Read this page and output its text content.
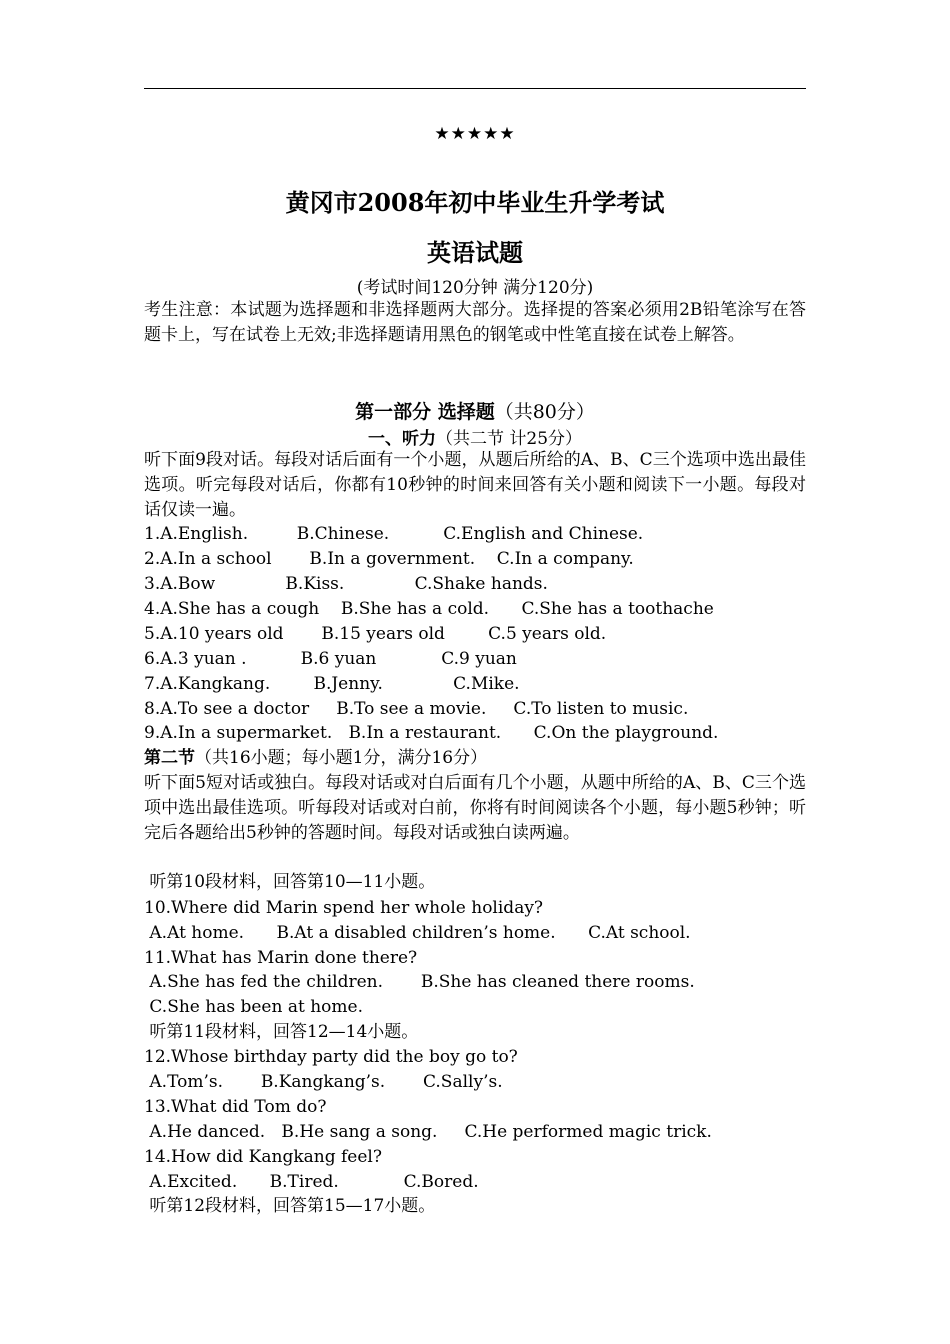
★★★★★
黄冈市2008年初中毕业生升学考试
英语试题
(考试时间120分钟 满分120分)
考生注意：本试题为选择题和非选择题两大部分。选择提的答案必须用2B铅笔涂写在答题卡上，写在试卷上无效;非选择题请用黑色的钢笔或中性笔直接在试卷上解答。
第一部分 选择题（共80分）
一、听力（共二节 计25分）
听下面9段对话。每段对话后面有一个小题，从题后所给的A、B、C三个选项中选出最佳选项。听完每段对话后，你都有10秒钟的时间来回答有关小题和阅读下一小题。每段对话仅读一遍。
1.A.English.         B.Chinese.          C.English and Chinese.
2.A.In a school       B.In a government.    C.In a company.
3.A.Bow             B.Kiss.             C.Shake hands.
4.A.She has a cough    B.She has a cold.      C.She has a toothache
5.A.10 years old       B.15 years old        C.5 years old.
6.A.3 yuan .          B.6 yuan            C.9 yuan
7.A.Kangkang.        B.Jenny.             C.Mike.
8.A.To see a doctor     B.To see a movie.     C.To listen to music.
9.A.In a supermarket.   B.In a restaurant.      C.On the playground.
第二节（共16小题；每小题1分，满分16分）
听下面5短对话或独白。每段对话或对白后面有几个小题，从题中所给的A、B、C三个选项中选出最佳选项。听每段对话或对白前，你将有时间阅读各个小题，每小题5秒钟；听完后各题给出5秒钟的答题时间。每段对话或独白读两遍。
听第10段材料，回答第10—11小题。
10.Where did Marin spend her whole holiday?
A.At home.      B.At a disabled children’s home.      C.At school.
11.What has Marin done there?
A.She has fed the children.       B.She has cleaned there rooms.
C.She has been at home.
听第11段材料，回答12—14小题。
12.Whose birthday party did the boy go to?
A.Tom’s.       B.Kangkang’s.       C.Sally’s.
13.What did Tom do?
A.He danced.   B.He sang a song.     C.He performed magic trick.
14.How did Kangkang feel?
A.Excited.      B.Tired.            C.Bored.
听第12段材料，回答第15—17小题。
